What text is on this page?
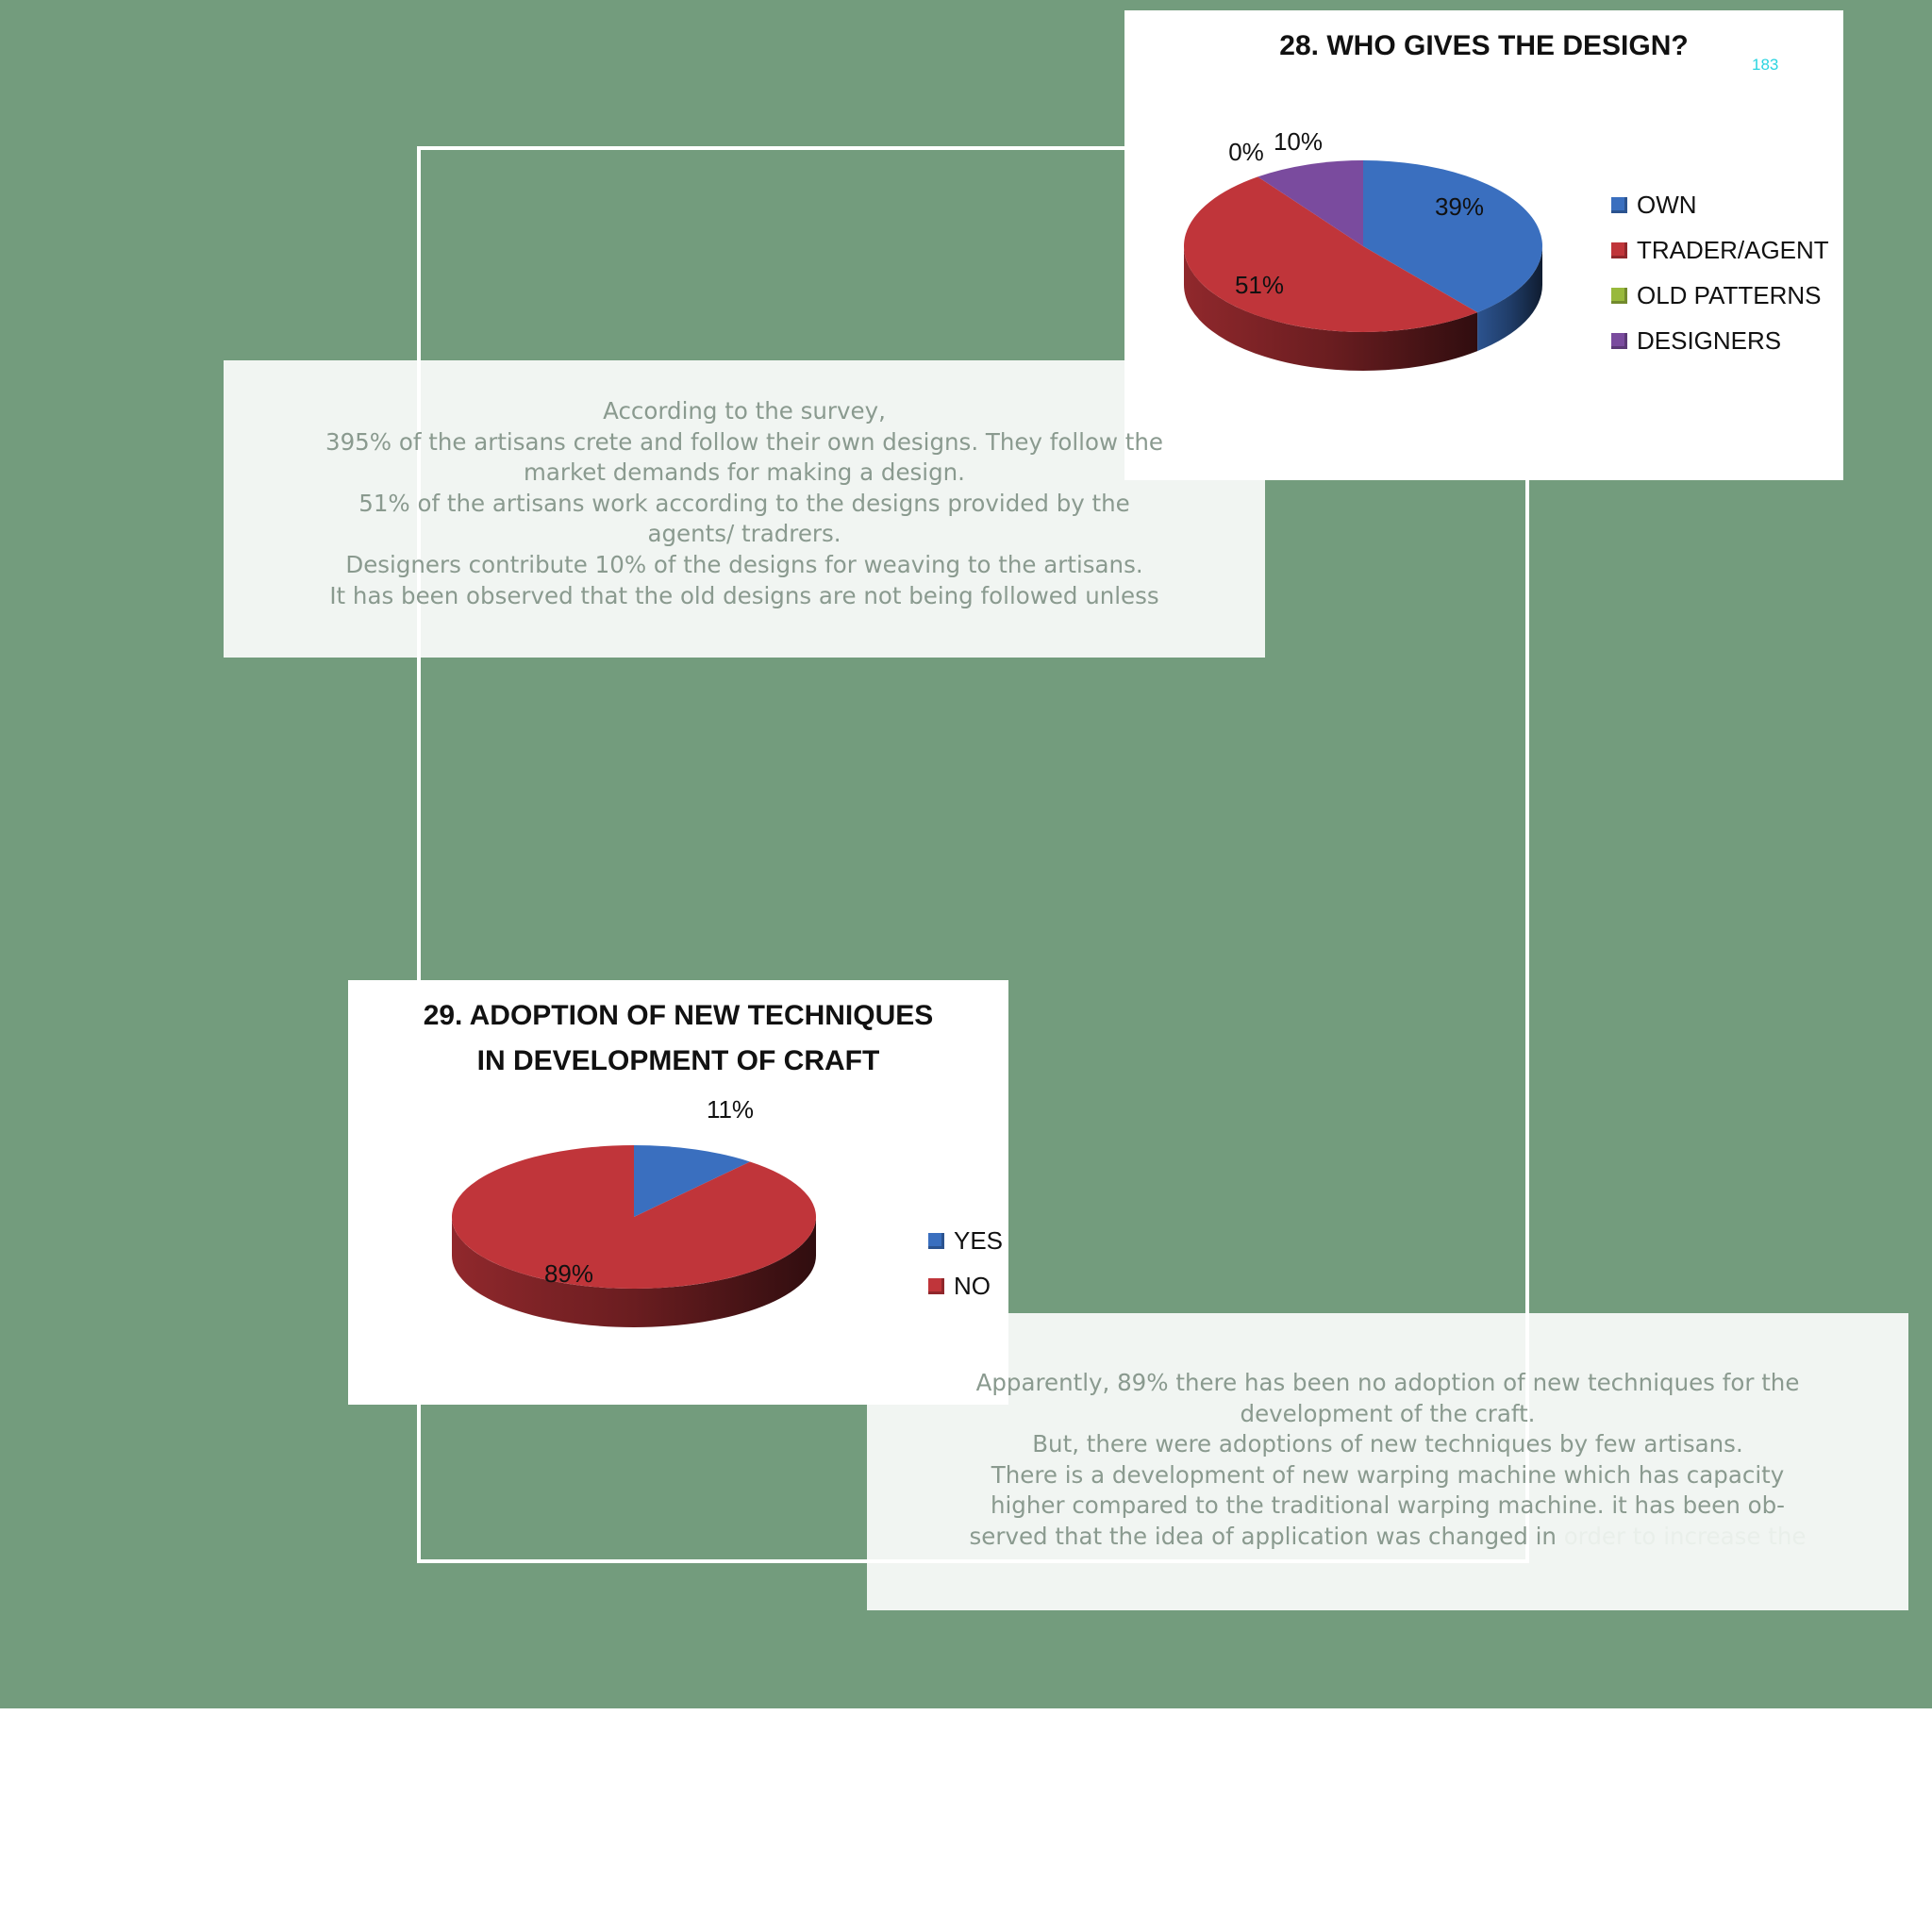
28. WHO GIVES THE DESIGN?
183
39%
51%
0% 10%
OWN
TRADER/AGENT
OLD PATTERNS
DESIGNERS

According to the survey,

395% of the artisans crete and follow their own designs. They follow the

market demands for making a design.

51% of the artisans work according to the designs provided by the

agents/ tradrers.

Designers contribute 10% of the designs for weaving to the artisans.

It has been observed that the old designs are not being followed unless

29. ADOPTION OF NEW TECHNIQUES
IN DEVELOPMENT OF CRAFT
11%
89%
YES
NO

Apparently, 89% there has been no adoption of new techniques for the

development of the craft.

But, there were adoptions of new techniques by few artisans.

There is a development of new warping machine which has capacity

higher compared to the traditional warping machine. it has been ob-

served that the idea of application was changed in order to increase the
